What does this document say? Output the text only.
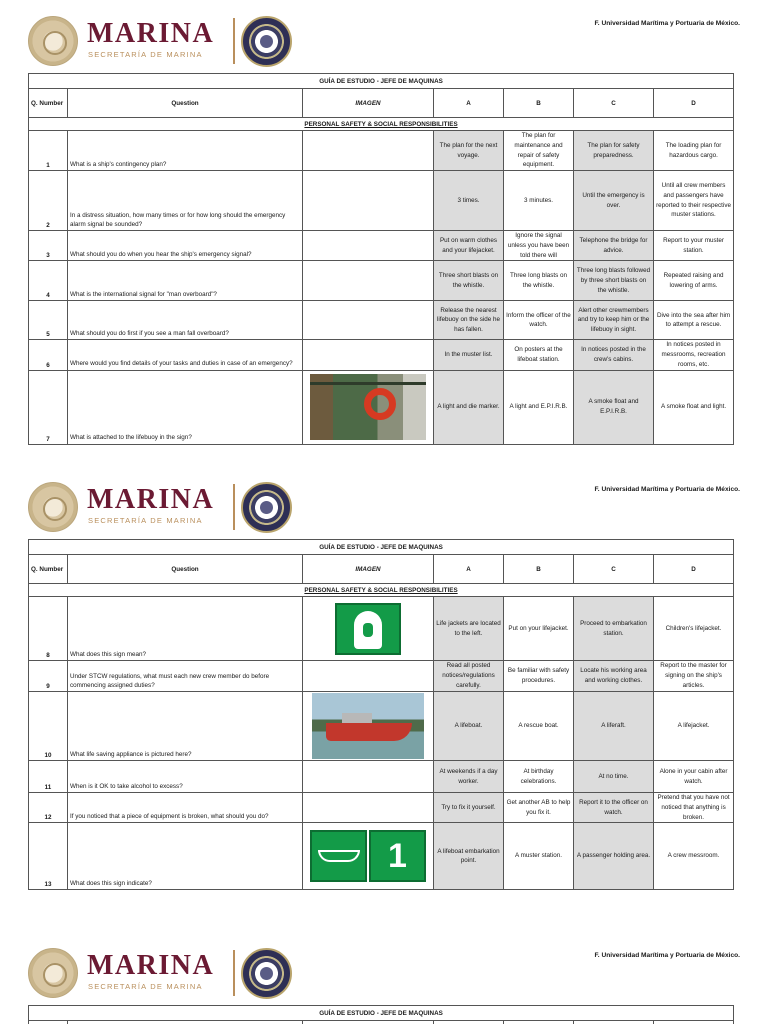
MARINA
SECRETARÍA DE MARINA
F. Universidad Marítima y Portuaria de México.
GUÍA DE ESTUDIO - JEFE DE MAQUINAS						
Q. Number	Question	IMAGEN	A	B	C	D
PERSONAL SAFETY & SOCIAL RESPONSIBILITIES						
1	What is a ship's contingency plan?		The plan for the next voyage.	The plan for maintenance and repair of safety equipment.	The plan for safety preparedness.	The loading plan for hazardous cargo.
2	In a distress situation, how many times or for how long should the emergency alarm signal be sounded?		3 times.	3 minutes.	Until the emergency is over.	Until all crew members and passengers have reported to their respective muster stations.
3	What should you do when you hear the ship's emergency signal?		Put on warm clothes and your lifejacket.	Ignore the signal unless you have been told there will	Telephone the bridge for advice.	Report to your muster station.
4	What is the international signal for "man overboard"?		Three short blasts on the whistle.	Three long blasts on the whistle.	Three long blasts followed by three short blasts on the whistle.	Repeated raising and lowering of arms.
5	What should you do first if you see a man fall overboard?		Release the nearest lifebuoy on the side he has fallen.	Inform the officer of the watch.	Alert other crewmembers and try to keep him or the lifebuoy in sight.	Dive into the sea after him to attempt a rescue.
6	Where would you find details of your tasks and duties in case of an emergency?		In the muster list.	On posters at the lifeboat station.	In notices posted in the crew's cabins.	In notices posted in messrooms, recreation rooms, etc.
7	What is attached to the lifebuoy in the sign?		A light and die marker.	A light and E.P.I.R.B.	A smoke float and E.P.I.R.B.	A smoke float and light.
MARINA
SECRETARÍA DE MARINA
F. Universidad Marítima y Portuaria de México.
GUÍA DE ESTUDIO - JEFE DE MAQUINAS						
Q. Number	Question	IMAGEN	A	B	C	D
PERSONAL SAFETY & SOCIAL RESPONSIBILITIES						
8	What does this sign mean?		Life jackets are located to the left.	Put on your lifejacket.	Proceed to embarkation station.	Children's lifejacket.
9	Under STCW regulations, what must each new crew member do before commencing assigned duties?		Read all posted notices/regulations carefully.	Be familiar with safety procedures.	Locate his working area and working clothes.	Report to the master for signing on the ship's articles.
10	What life saving appliance is pictured here?		A lifeboat.	A rescue boat.	A liferaft.	A lifejacket.
11	When is it OK to take alcohol to excess?		At weekends if a day worker.	At birthday celebrations.	At no time.	Alone in your cabin after watch.
12	If you noticed that a piece of equipment is broken, what should you do?		Try to fix it yourself.	Get another AB to help you fix it.	Report it to the officer on watch.	Pretend that you have not noticed that anything is broken.
13	What does this sign indicate?	1	A lifeboat embarkation point.	A muster station.	A passenger holding area.	A crew messroom.
MARINA
SECRETARÍA DE MARINA
F. Universidad Marítima y Portuaria de México.
GUÍA DE ESTUDIO - JEFE DE MAQUINAS
